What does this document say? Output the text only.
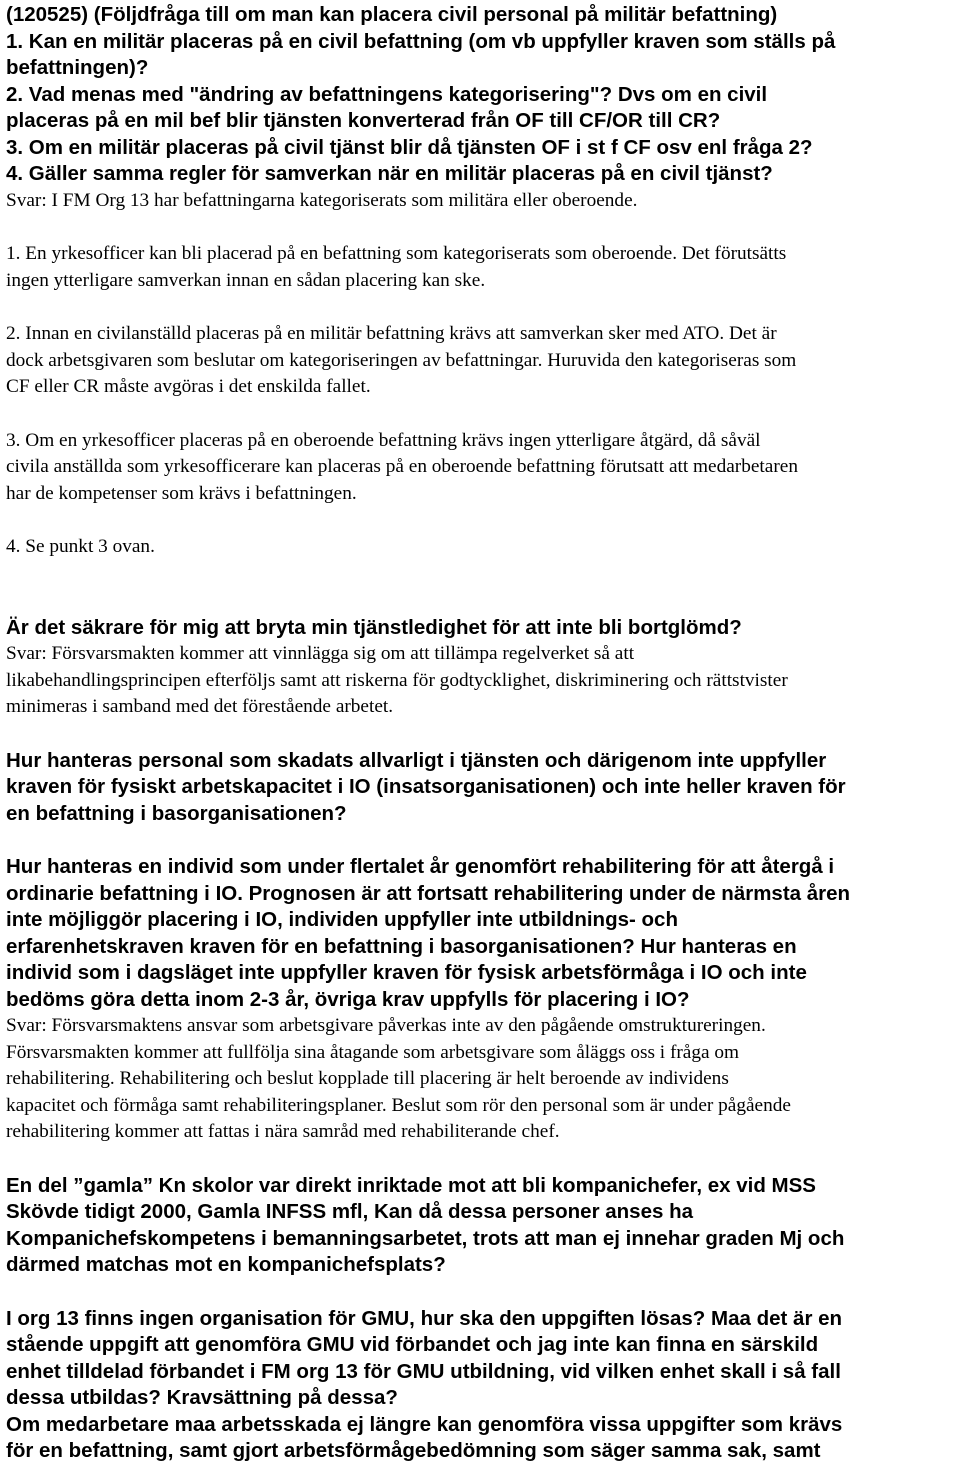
(120525) (Följdfråga till om man kan placera civil personal på militär befattning)

1. Kan en militär placeras på en civil befattning (om vb uppfyller kraven som ställs på

befattningen)?

2. Vad menas med "ändring av befattningens kategorisering"? Dvs om en civil

placeras på en mil bef blir tjänsten konverterad från OF till CF/OR till CR?

3. Om en militär placeras på civil tjänst blir då tjänsten OF i st f CF osv enl fråga 2?

4. Gäller samma regler för samverkan när en militär placeras på en civil tjänst?

Svar: I FM Org 13 har befattningarna kategoriserats som militära eller oberoende.

1. En yrkesofficer kan bli placerad på en befattning som kategoriserats som oberoende. Det förutsätts

ingen ytterligare samverkan innan en sådan placering kan ske.

2. Innan en civilanställd placeras på en militär befattning krävs att samverkan sker med ATO. Det är

dock arbetsgivaren som beslutar om kategoriseringen av befattningar. Huruvida den kategoriseras som

CF eller CR måste avgöras i det enskilda fallet.

3. Om en yrkesofficer placeras på en oberoende befattning krävs ingen ytterligare åtgärd, då såväl

civila anställda som yrkesofficerare kan placeras på en oberoende befattning förutsatt att medarbetaren

har de kompetenser som krävs i befattningen.

4. Se punkt 3 ovan.

Är det säkrare för mig att bryta min tjänstledighet för att inte bli bortglömd?

Svar: Försvarsmakten kommer att vinnlägga sig om att tillämpa regelverket så att

likabehandlingsprincipen efterföljs samt att riskerna för godtycklighet, diskriminering och rättstvister

minimeras i samband med det förestående arbetet.

Hur hanteras personal som skadats allvarligt i tjänsten och därigenom inte uppfyller

kraven för fysiskt arbetskapacitet i IO (insatsorganisationen) och inte heller kraven för

en befattning i basorganisationen?

Hur hanteras en individ som under flertalet år genomfört rehabilitering för att återgå i

ordinarie befattning i IO. Prognosen är att fortsatt rehabilitering under de närmsta åren

inte möjliggör placering i IO, individen uppfyller inte utbildnings- och

erfarenhetskraven kraven för en befattning i basorganisationen? Hur hanteras en

individ som i dagsläget inte uppfyller kraven för fysisk arbetsförmåga i IO och inte

bedöms göra detta inom 2-3 år, övriga krav uppfylls för placering i IO?

Svar: Försvarsmaktens ansvar som arbetsgivare påverkas inte av den pågående omstruktureringen.

Försvarsmakten kommer att fullfölja sina åtagande som arbetsgivare som åläggs oss i fråga om

rehabilitering. Rehabilitering och beslut kopplade till placering är helt beroende av individens

kapacitet och förmåga samt rehabiliteringsplaner. Beslut som rör den personal som är under pågående

rehabilitering kommer att fattas i nära samråd med rehabiliterande chef.

En del ”gamla” Kn skolor var direkt inriktade mot att bli kompanichefer, ex vid MSS

Skövde tidigt 2000, Gamla INFSS mfl, Kan då dessa personer anses ha

Kompanichefskompetens i bemanningsarbetet, trots att man ej innehar graden Mj och

därmed matchas mot en kompanichefsplats?

I org 13 finns ingen organisation för GMU, hur ska den uppgiften lösas? Maa det är en

stående uppgift att genomföra GMU vid förbandet och jag inte kan finna en särskild

enhet tilldelad förbandet i FM org 13 för GMU utbildning, vid vilken enhet skall i så fall

dessa utbildas? Kravsättning på dessa?

Om medarbetare maa arbetsskada ej längre kan genomföra vissa uppgifter som krävs

för en befattning, samt gjort arbetsförmågebedömning som säger samma sak, samt
